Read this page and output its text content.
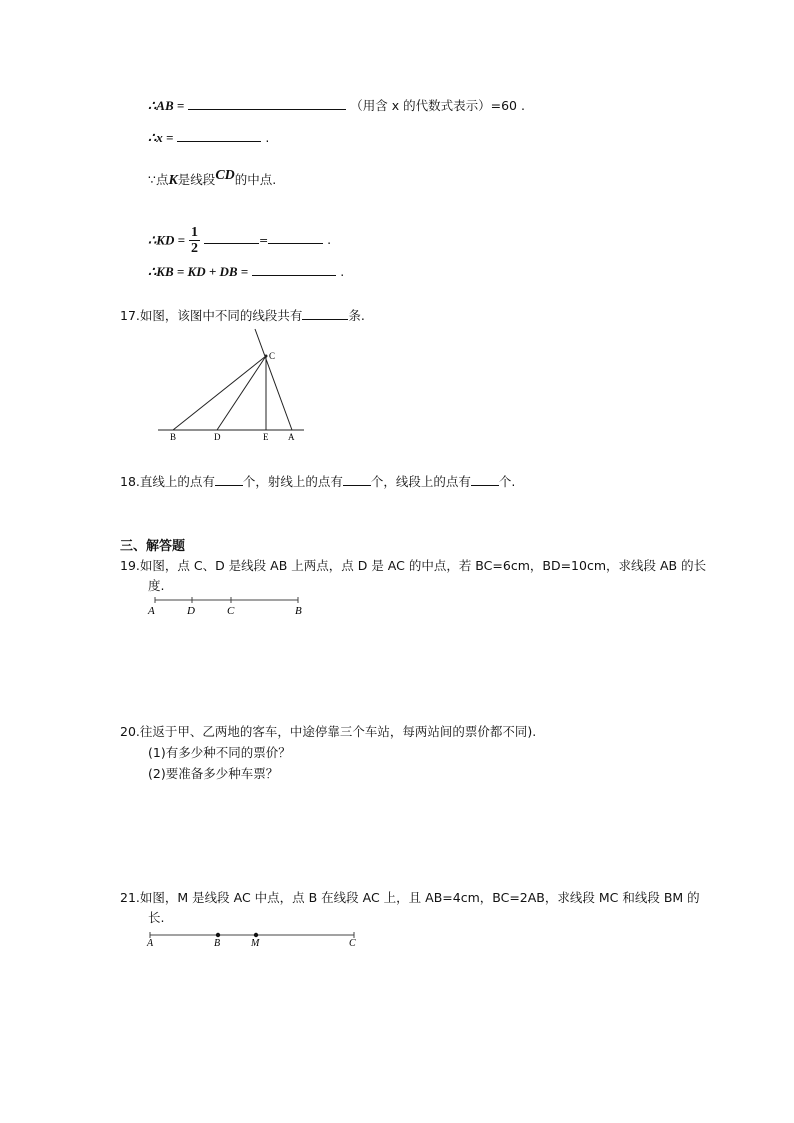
∴AB =	（用含 x 的代数式表示）=60 .
∴x =	.
∵点K是线段CD的中点.
∴KD = $\frac{1}{2}$	=	.
∴KB = KD + DB =	.
17.如图，该图中不同的线段共有	条.
C
B	D	E A
A	D	C	B
A	B	M	C
18.直线上的点有 个，射线上的点有 个，线段上的点有 个.
三、解答题
19.如图，点 C、D 是线段 AB 上两点，点 D 是 AC 的中点，若 BC=6cm，BD=10cm，求线段 AB 的长
度.
20.往返于甲、乙两地的客车，中途停靠三个车站，每两站间的票价都不同).
(1)有多少种不同的票价？
(2)要准备多少种车票？
21.如图，M 是线段 AC 中点，点 B 在线段 AC 上，且 AB=4cm，BC=2AB，求线段 MC 和线段 BM 的
长.
